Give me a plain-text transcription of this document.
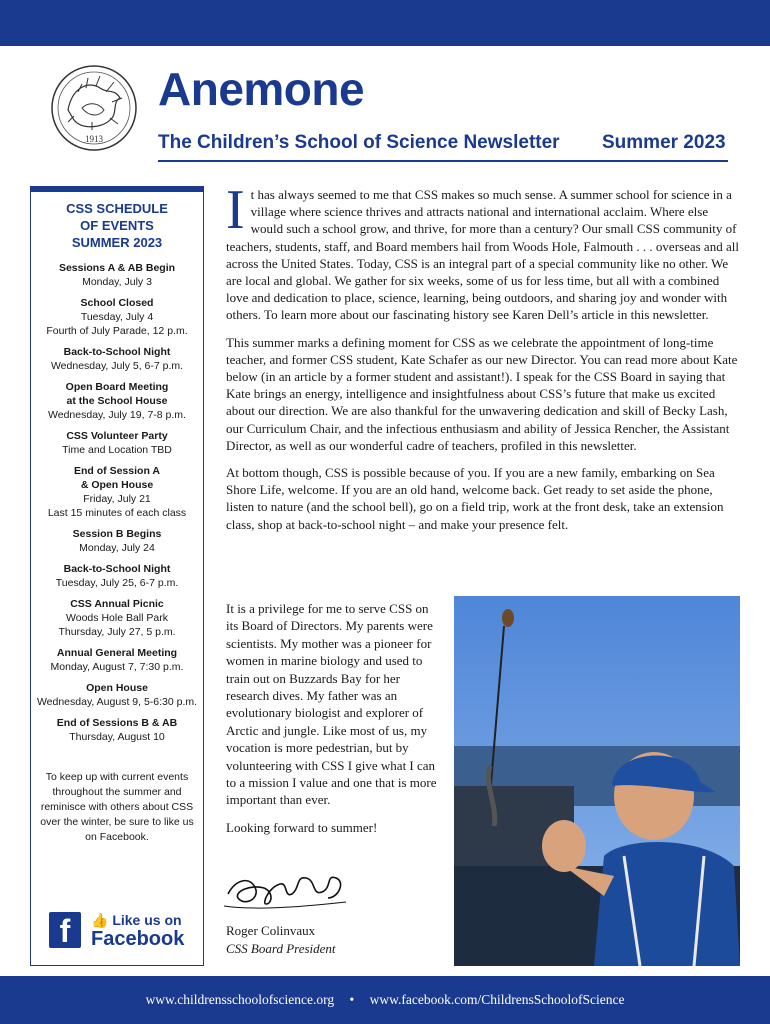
1913
Anemone
The Children’s School of Science Newsletter Summer 2023
CSS SCHEDULE
OF EVENTS
SUMMER 2023
Sessions A & AB Begin
Monday, July 3
School Closed
Tuesday, July 4
Fourth of July Parade, 12 p.m.
Back-to-School Night
Wednesday, July 5, 6-7 p.m.
Open Board Meeting
at the School House
Wednesday, July 19, 7-8 p.m.
CSS Volunteer Party
Time and Location TBD
End of Session A
& Open House
Friday, July 21
Last 15 minutes of each class
Session B Begins
Monday, July 24
Back-to-School Night
Tuesday, July 25, 6-7 p.m.
CSS Annual Picnic
Woods Hole Ball Park
Thursday, July 27, 5 p.m.
Annual General Meeting
Monday, August 7, 7:30 p.m.
Open House
Wednesday, August 9, 5-6:30 p.m.
End of Sessions B & AB
Thursday, August 10
To keep up with current events throughout the summer and reminisce with others about CSS over the winter, be sure to like us on Facebook.
f	👍 Like us on
Facebook
I t has always seemed to me that CSS makes so much sense. A summer school for science in a village where science thrives and attracts national and international acclaim. Where else would such a school grow, and thrive, for more than a century? Our small CSS community of teachers, students, staff, and Board members hail from Woods Hole, Falmouth . . . overseas and all across the United States. Today, CSS is an integral part of a special community like no other. We are local and global. We gather for six weeks, some of us for less time, but all with a combined love and dedication to place, science, learning, being outdoors, and sharing joy and wonder with others. To learn more about our fascinating history see Karen Dell’s article in this newsletter.
This summer marks a defining moment for CSS as we celebrate the appointment of long-time teacher, and former CSS student, Kate Schafer as our new Director. You can read more about Kate below (in an article by a former student and assistant!). I speak for the CSS Board in saying that Kate brings an energy, intelligence and insightfulness about CSS’s future that make us excited about our direction. We are also thankful for the unwavering dedication and skill of Becky Lash, our Curriculum Chair, and the infectious enthusiasm and ability of Jessica Rencher, the Assistant Director, as well as our wonderful cadre of teachers, profiled in this newsletter.
At bottom though, CSS is possible because of you. If you are a new family, embarking on Sea Shore Life, welcome. If you are an old hand, welcome back. Get ready to set aside the phone, listen to nature (and the school bell), go on a field trip, work at the front desk, take an extension class, shop at back-to-school night – and make your presence felt.
It is a privilege for me to serve CSS on its Board of Directors. My parents were scientists. My mother was a pioneer for women in marine biology and used to train out on Buzzards Bay for her research dives. My father was an evolutionary biologist and explorer of Arctic and jungle. Like most of us, my vocation is more pedestrian, but by volunteering with CSS I give what I can to a mission I value and one that is more important than ever.
Looking forward to summer!
Roger Colinvaux
CSS Board President
www.childrensschoolofscience.org • www.facebook.com/ChildrensSchoolofScience
